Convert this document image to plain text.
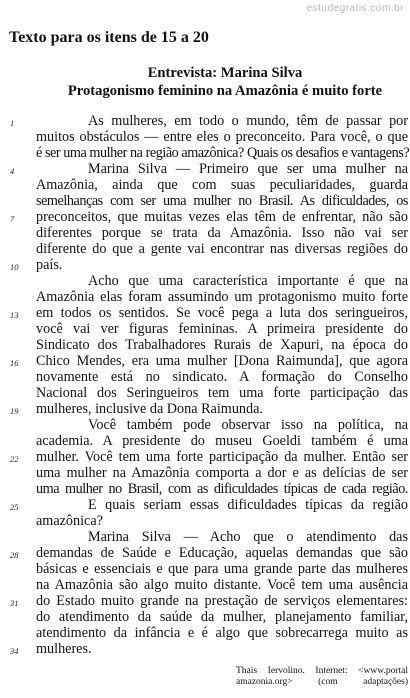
estudegratis.com.br
Texto para os itens de 15 a 20
Entrevista: Marina Silva
Protagonismo feminino na Amazônia é muito forte
1
4
7
10
13
16
19
22
25
28
31
34
As mulheres, em todo o mundo, têm de passar por
muitos obstáculos — entre eles o preconceito. Para você, o que
é ser uma mulher na região amazônica? Quais os desafios e vantagens?
Marina Silva — Primeiro que ser uma mulher na
Amazônia, ainda que com suas peculiaridades, guarda
semelhanças com ser uma mulher no Brasil. As dificuldades, os
preconceitos, que muitas vezes elas têm de enfrentar, não são
diferentes porque se trata da Amazônia. Isso não vai ser
diferente do que a gente vai encontrar nas diversas regiões do
país.
Acho que uma característica importante é que na
Amazônia elas foram assumindo um protagonismo muito forte
em todos os sentidos. Se você pega a luta dos seringueiros,
você vai ver figuras femininas. A primeira presidente do
Sindicato dos Trabalhadores Rurais de Xapuri, na época do
Chico Mendes, era uma mulher [Dona Raimunda], que agora
novamente está no sindicato. A formação do Conselho
Nacional dos Seringueiros tem uma forte participação das
mulheres, inclusive da Dona Raimunda.
Você também pode observar isso na política, na
academia. A presidente do museu Goeldi também é uma
mulher. Você tem uma forte participação da mulher. Então ser
uma mulher na Amazônia comporta a dor e as delícias de ser
uma mulher no Brasil, com as dificuldades típicas de cada região.
E quais seriam essas dificuldades típicas da região
amazônica?
Marina Silva — Acho que o atendimento das
demandas de Saúde e Educação, aquelas demandas que são
básicas e essenciais e que para uma grande parte das mulheres
na Amazônia são algo muito distante. Você tem uma ausência
do Estado muito grande na prestação de serviços elementares:
do atendimento da saúde da mulher, planejamento familiar,
atendimento da infância e é algo que sobrecarrega muito as
mulheres.
Thais Iervolino. Internet: <www.portal
amazonia.org> (com adaptações)
